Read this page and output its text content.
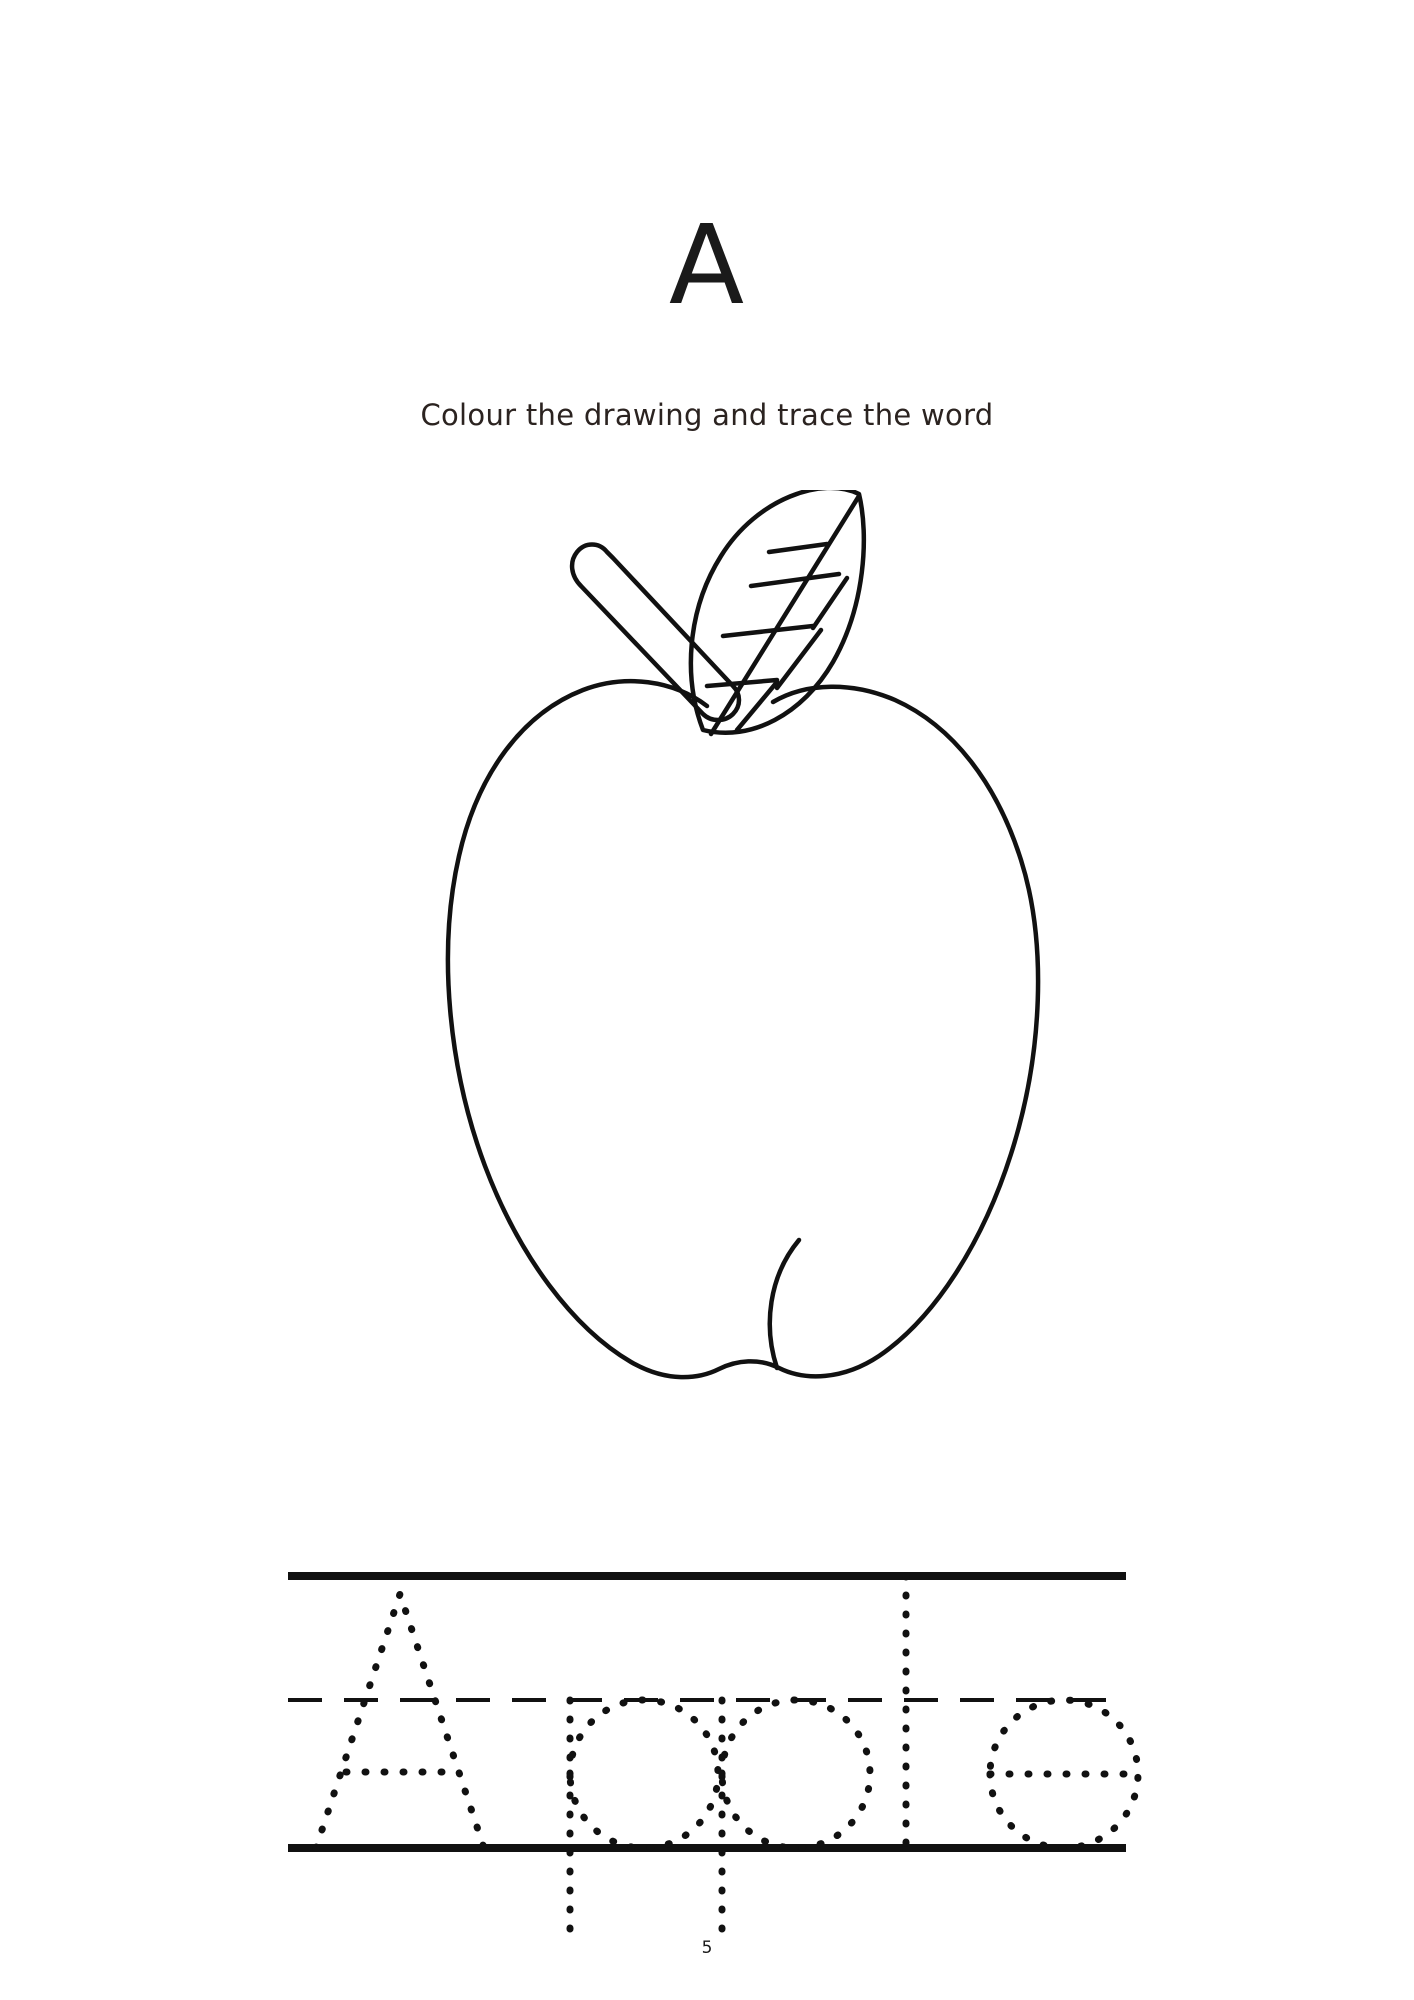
A
Colour the drawing and trace the word
5
